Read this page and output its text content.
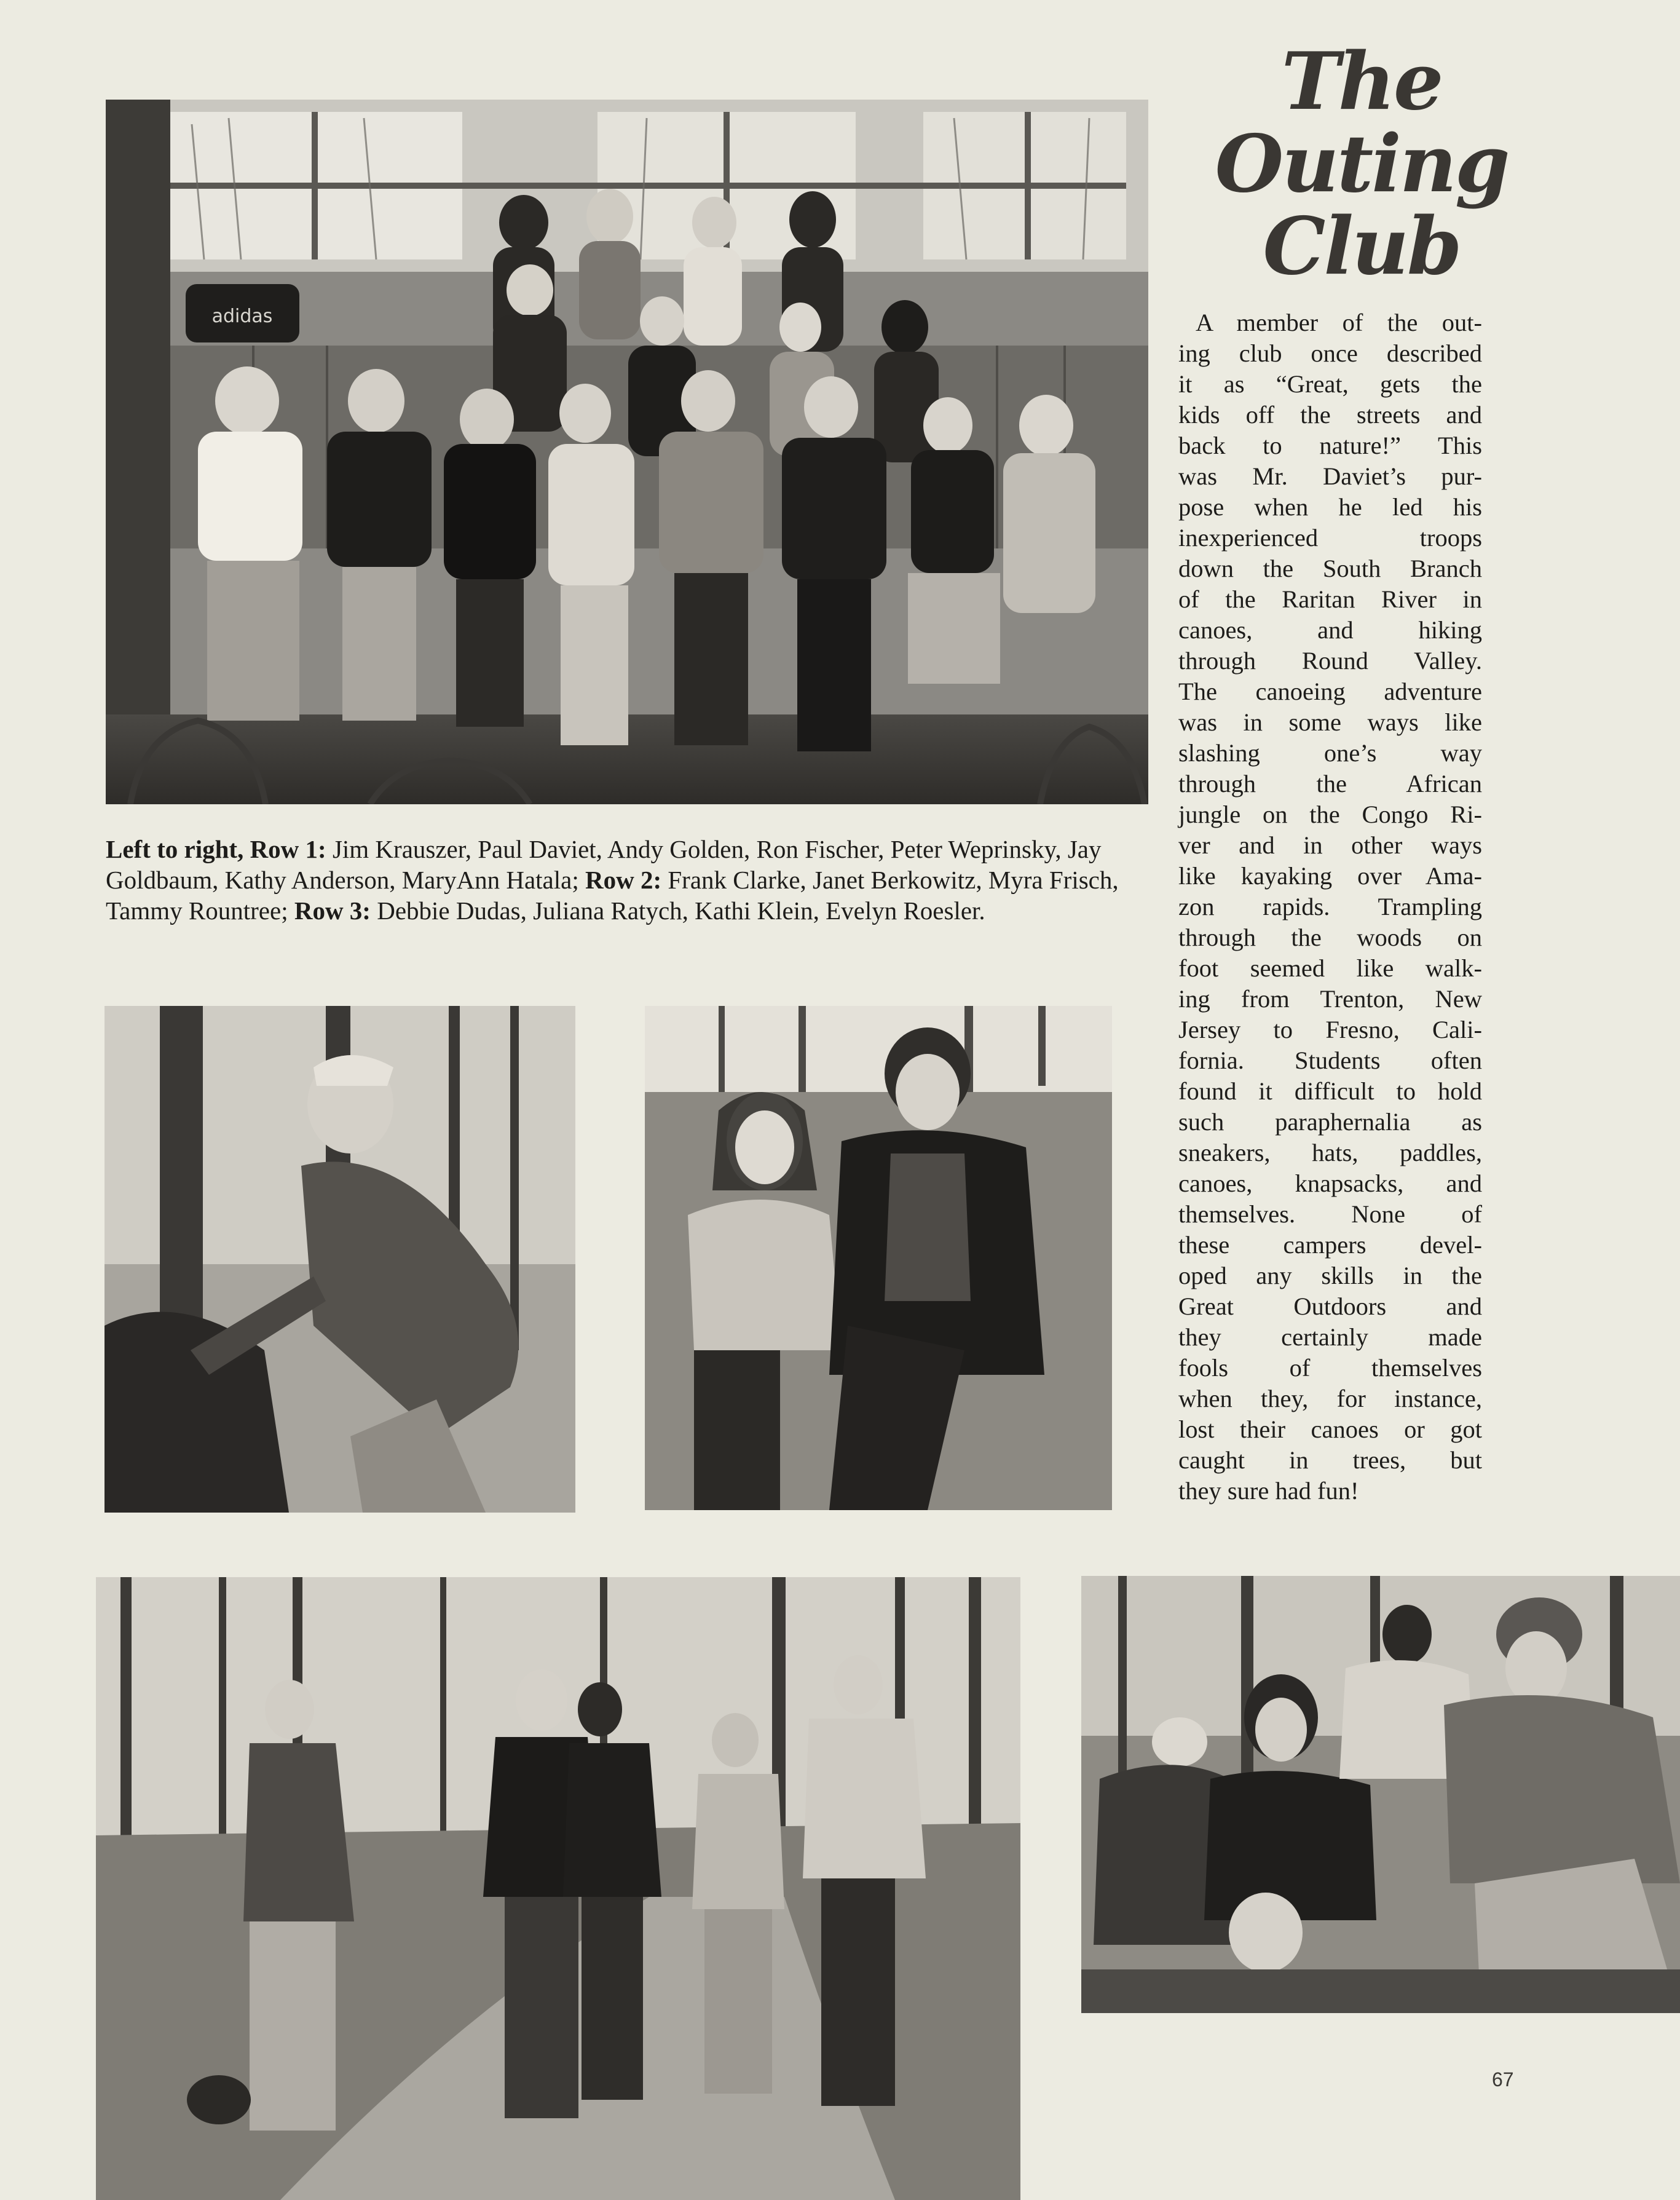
adidas
The
Outing
Club
A member of the out-
ing club once described
it as “Great, gets the
kids off the streets and
back to nature!” This
was Mr. Daviet’s pur-
pose when he led his
inexperienced troops
down the South Branch
of the Raritan River in
canoes, and hiking
through Round Valley.
The canoeing adventure
was in some ways like
slashing one’s way
through the African
jungle on the Congo Ri-
ver and in other ways
like kayaking over Ama-
zon rapids. Trampling
through the woods on
foot seemed like walk-
ing from Trenton, New
Jersey to Fresno, Cali-
fornia. Students often
found it difficult to hold
such paraphernalia as
sneakers, hats, paddles,
canoes, knapsacks, and
themselves. None of
these campers devel-
oped any skills in the
Great Outdoors and
they certainly made
fools of themselves
when they, for instance,
lost their canoes or got
caught in trees, but
they sure had fun!
Left to right, Row 1: Jim Krauszer, Paul Daviet, Andy Golden, Ron Fischer, Peter Weprinsky, Jay Goldbaum, Kathy Anderson, MaryAnn Hatala; Row 2: Frank Clarke, Janet Berkowitz, Myra Frisch, Tammy Rountree; Row 3: Debbie Dudas, Juliana Ratych, Kathi Klein, Evelyn Roesler.
67
